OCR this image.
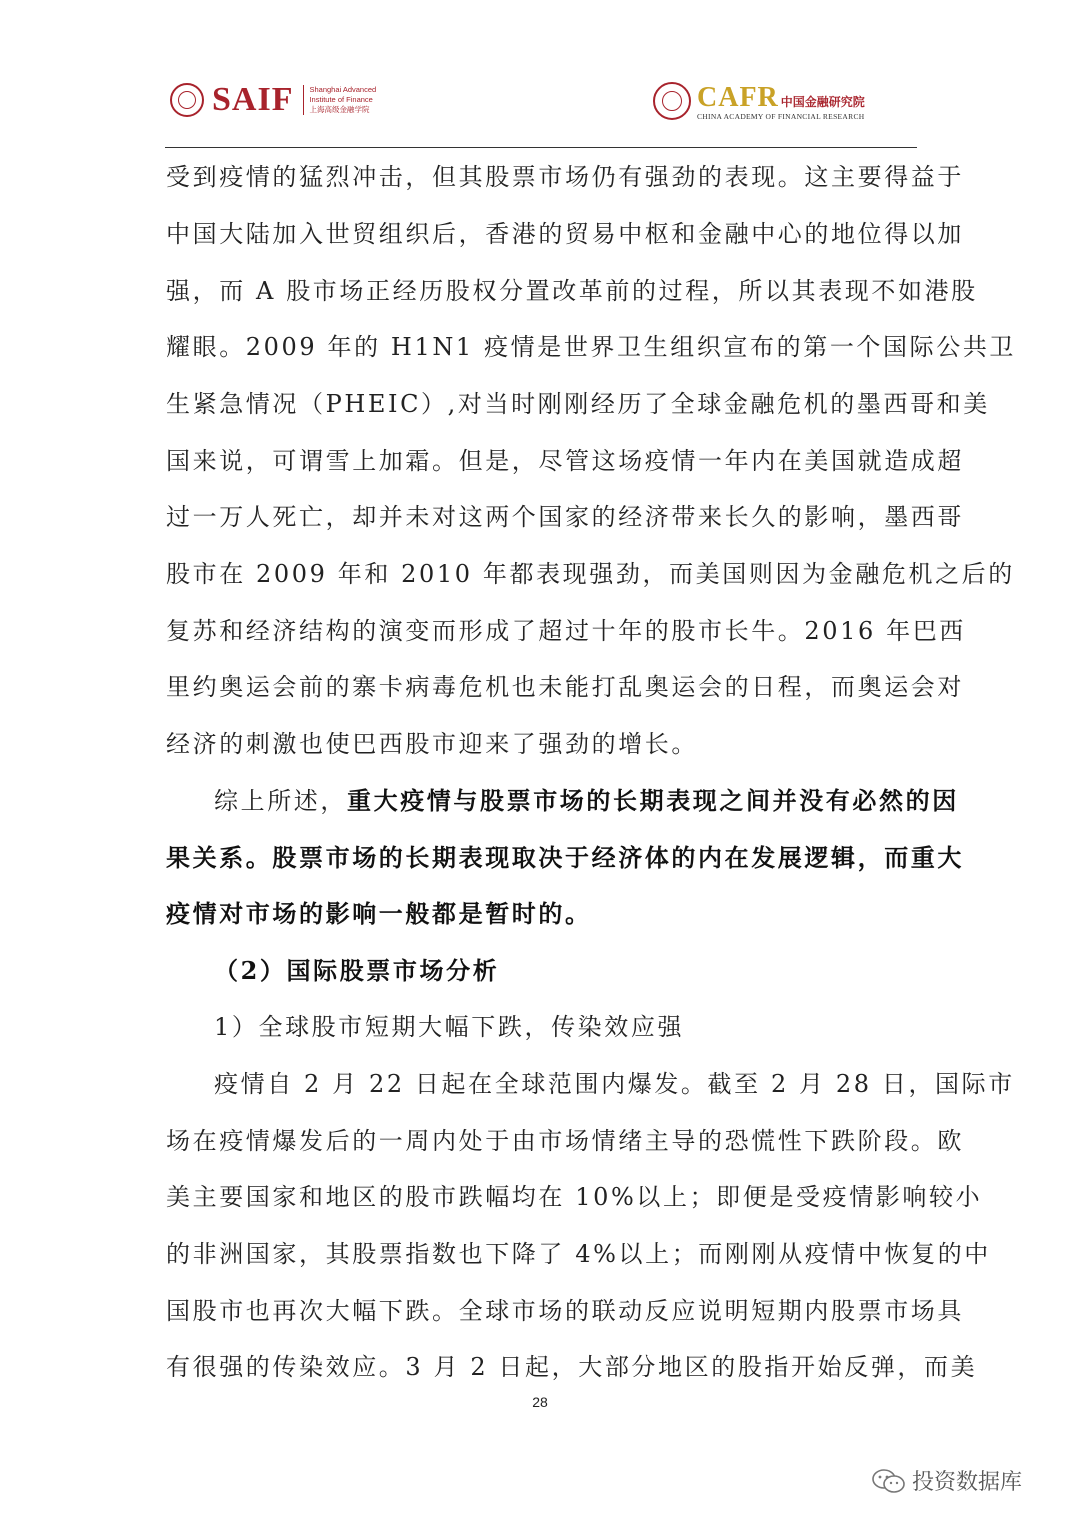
SAIF Shanghai Advanced
Institute of Finance
上海高级金融学院	CAFR 中国金融研究院
CHINA ACADEMY OF FINANCIAL RESEARCH
受到疫情的猛烈冲击，但其股票市场仍有强劲的表现。这主要得益于
中国大陆加入世贸组织后，香港的贸易中枢和金融中心的地位得以加
强，而 A 股市场正经历股权分置改革前的过程，所以其表现不如港股
耀眼。2009 年的 H1N1 疫情是世界卫生组织宣布的第一个国际公共卫
生紧急情况（PHEIC）,对当时刚刚经历了全球金融危机的墨西哥和美
国来说，可谓雪上加霜。但是，尽管这场疫情一年内在美国就造成超
过一万人死亡，却并未对这两个国家的经济带来长久的影响，墨西哥
股市在 2009 年和 2010 年都表现强劲，而美国则因为金融危机之后的
复苏和经济结构的演变而形成了超过十年的股市长牛。2016 年巴西
里约奥运会前的寨卡病毒危机也未能打乱奥运会的日程，而奥运会对
经济的刺激也使巴西股市迎来了强劲的增长。
综上所述，重大疫情与股票市场的长期表现之间并没有必然的因
果关系。股票市场的长期表现取决于经济体的内在发展逻辑，而重大
疫情对市场的影响一般都是暂时的。
（2）国际股票市场分析
1）全球股市短期大幅下跌，传染效应强
疫情自 2 月 22 日起在全球范围内爆发。截至 2 月 28 日，国际市
场在疫情爆发后的一周内处于由市场情绪主导的恐慌性下跌阶段。欧
美主要国家和地区的股市跌幅均在 10%以上；即便是受疫情影响较小
的非洲国家，其股票指数也下降了 4%以上；而刚刚从疫情中恢复的中
国股市也再次大幅下跌。全球市场的联动反应说明短期内股票市场具
有很强的传染效应。3 月 2 日起，大部分地区的股指开始反弹，而美
28
投资数据库
